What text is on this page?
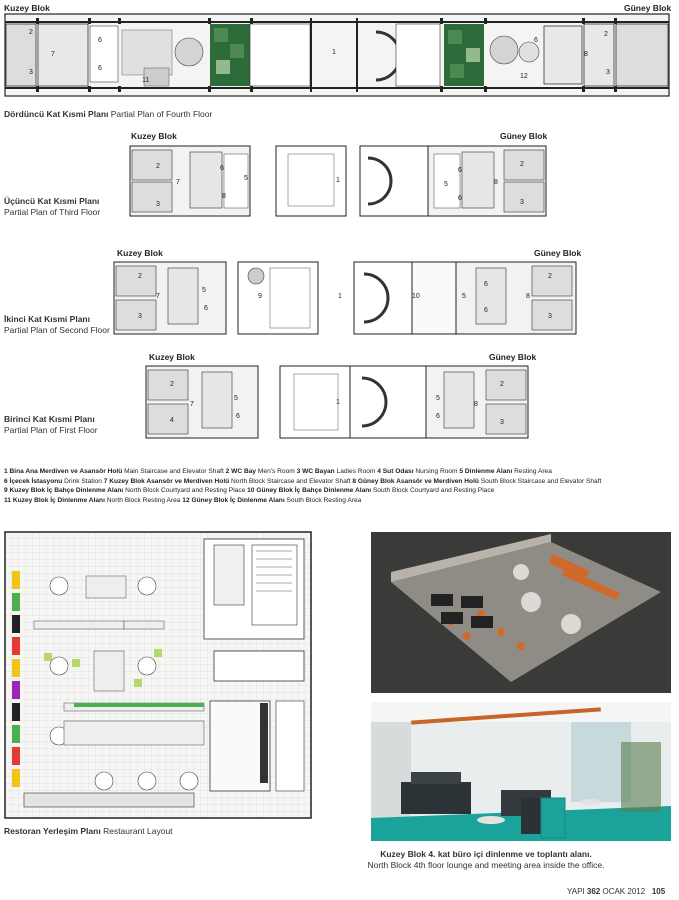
Kuzey Blok	Güney Blok
2
3
7
6
6
11
1
12
6
8
2
3
Dördüncü Kat Kısmi Planı Partial Plan of Fourth Floor
Kuzey Blok	Güney Blok
Üçüncü Kat Kısmi Planı
Partial Plan of Third Floor
2
3
7
6
5
8
1
5
6
6
8
2
3
Kuzey Blok	Güney Blok
İkinci Kat Kısmi Planı
Partial Plan of Second Floor
2
3
7
5
6
9	1	10	5
6
6
8
2
3
Kuzey Blok	Güney Blok
Birinci Kat Kısmi Planı
Partial Plan of First Floor
2
4
7
5
6
1
5
6
8
2
3

1 Bina Ana Merdiven ve Asansör Holü Main Staircase and Elevator Shaft 2 WC Bay Men's Room 3 WC Bayan Ladies Room 4 Sut Odası Nursing Room 5 Dinlenme Alanı Resting Area

6 İçecek İstasyonu Drink Station 7 Kuzey Blok Asansör ve Merdiven Holü North Block Staircase and Elevator Shaft 8 Güney Blok Asansör ve Merdiven Holü South Block Staircase and Elevator Shaft

9 Kuzey Blok İç Bahçe Dinlenme Alanı North Block Courtyard and Resting Place 10 Güney Blok İç Bahçe Dinlenme Alanı South Block Courtyard and Resting Place

11 Kuzey Blok İç Dinlenme Alanı North Block Resting Area 12 Güney Blok İç Dinlenme Alanı South Block Resting Area

Restoran Yerleşim Planı Restaurant Layout
Kuzey Blok 4. kat büro içi dinlenme ve toplantı alanı.
North Block 4th floor lounge and meeting area inside the office.
YAPI 362 OCAK 2012 105
